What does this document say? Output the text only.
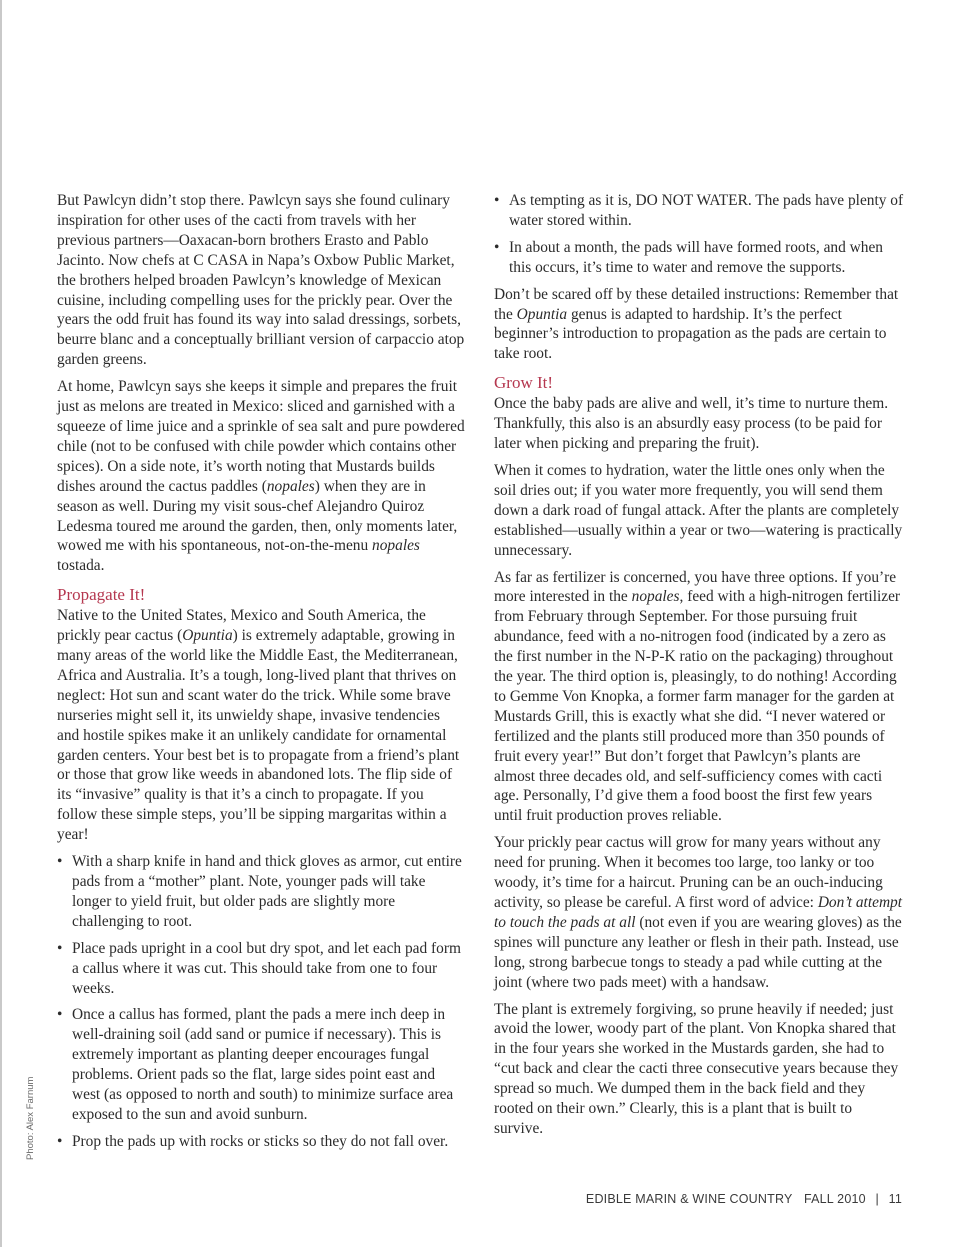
But Pawlcyn didn’t stop there. Pawlcyn says she found culinary inspiration for other uses of the cacti from travels with her previous partners—Oaxacan-born brothers Erasto and Pablo Jacinto. Now chefs at C CASA in Napa’s Oxbow Public Market, the brothers helped broaden Pawlcyn’s knowledge of Mexican cuisine, including compelling uses for the prickly pear. Over the years the odd fruit has found its way into salad dressings, sorbets, beurre blanc and a conceptually brilliant version of carpaccio atop garden greens.

At home, Pawlcyn says she keeps it simple and prepares the fruit just as melons are treated in Mexico: sliced and garnished with a squeeze of lime juice and a sprinkle of sea salt and pure powdered chile (not to be confused with chile powder which contains other spices). On a side note, it’s worth noting that Mustards builds dishes around the cactus paddles (nopales) when they are in season as well. During my visit sous-chef Alejandro Quiroz Ledesma toured me around the garden, then, only moments later, wowed me with his spontaneous, not-on-the-menu nopales tostada.

Propagate It!

Native to the United States, Mexico and South America, the prickly pear cactus (Opuntia) is extremely adaptable, growing in many areas of the world like the Middle East, the Mediterranean, Africa and Australia. It’s a tough, long-lived plant that thrives on neglect: Hot sun and scant water do the trick. While some brave nurseries might sell it, its unwieldy shape, invasive tendencies and hostile spikes make it an unlikely candidate for ornamental garden centers. Your best bet is to propagate from a friend’s plant or those that grow like weeds in abandoned lots. The flip side of its “invasive” quality is that it’s a cinch to propagate. If you follow these simple steps, you’ll be sipping margaritas within a year!

• With a sharp knife in hand and thick gloves as armor, cut entire pads from a “mother” plant. Note, younger pads will take longer to yield fruit, but older pads are slightly more challenging to root.
• Place pads upright in a cool but dry spot, and let each pad form a callus where it was cut. This should take from one to four weeks.
• Once a callus has formed, plant the pads a mere inch deep in well-draining soil (add sand or pumice if necessary). This is extremely important as planting deeper encourages fungal problems. Orient pads so the flat, large sides point east and west (as opposed to north and south) to minimize surface area exposed to the sun and avoid sunburn.
• Prop the pads up with rocks or sticks so they do not fall over.
• As tempting as it is, DO NOT WATER. The pads have plenty of water stored within.
• In about a month, the pads will have formed roots, and when this occurs, it’s time to water and remove the supports.

Don’t be scared off by these detailed instructions: Remember that the Opuntia genus is adapted to hardship. It’s the perfect beginner’s introduction to propagation as the pads are certain to take root.

Grow It!

Once the baby pads are alive and well, it’s time to nurture them. Thankfully, this also is an absurdly easy process (to be paid for later when picking and preparing the fruit).

When it comes to hydration, water the little ones only when the soil dries out; if you water more frequently, you will send them down a dark road of fungal attack. After the plants are completely established—usually within a year or two—watering is practically unnecessary.

As far as fertilizer is concerned, you have three options. If you’re more interested in the nopales, feed with a high-nitrogen fertilizer from February through September. For those pursuing fruit abundance, feed with a no-nitrogen food (indicated by a zero as the first number in the N-P-K ratio on the packaging) throughout the year. The third option is, pleasingly, to do nothing! According to Gemme Von Knopka, a former farm manager for the garden at Mustards Grill, this is exactly what she did. “I never watered or fertilized and the plants still produced more than 350 pounds of fruit every year!” But don’t forget that Pawlcyn’s plants are almost three decades old, and self-sufficiency comes with cacti age. Personally, I’d give them a food boost the first few years until fruit production proves reliable.

Your prickly pear cactus will grow for many years without any need for pruning. When it becomes too large, too lanky or too woody, it’s time for a haircut. Pruning can be an ouch-inducing activity, so please be careful. A first word of advice: Don’t attempt to touch the pads at all (not even if you are wearing gloves) as the spines will puncture any leather or flesh in their path. Instead, use long, strong barbecue tongs to steady a pad while cutting at the joint (where two pads meet) with a handsaw.

The plant is extremely forgiving, so prune heavily if needed; just avoid the lower, woody part of the plant. Von Knopka shared that in the four years she worked in the Mustards garden, she had to “cut back and clear the cacti three consecutive years because they spread so much. We dumped them in the back field and they rooted on their own.” Clearly, this is a plant that is built to survive.

Photo: Alex Farnum
EDIBLE MARIN & WINE COUNTRY FALL 2010 | 11
